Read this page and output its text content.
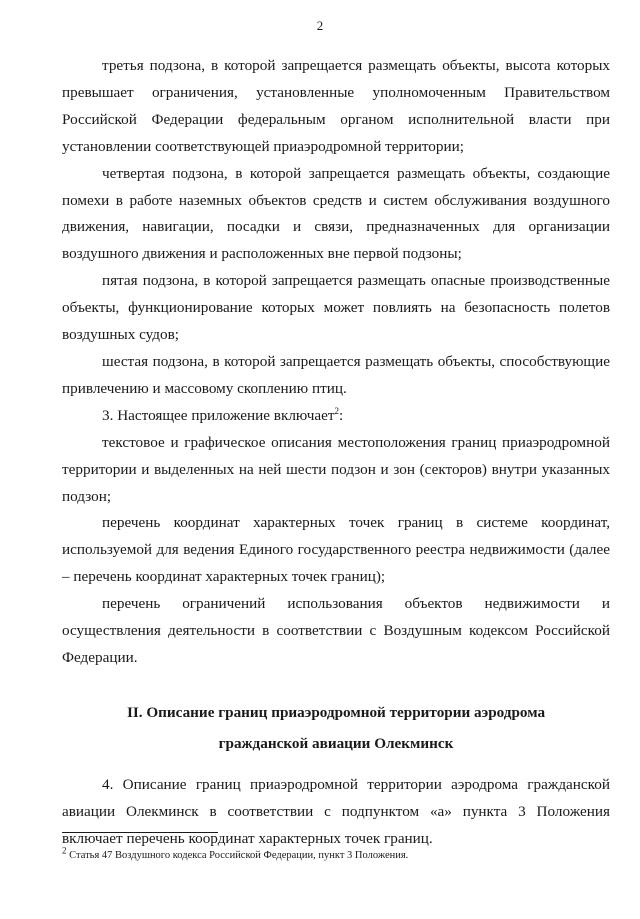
2

третья подзона, в которой запрещается размещать объекты, высота которых превышает ограничения, установленные уполномоченным Правительством Российской Федерации федеральным органом исполнительной власти при установлении соответствующей приаэродромной территории;

четвертая подзона, в которой запрещается размещать объекты, создающие помехи в работе наземных объектов средств и систем обслуживания воздушного движения, навигации, посадки и связи, предназначенных для организации воздушного движения и расположенных вне первой подзоны;

пятая подзона, в которой запрещается размещать опасные производственные объекты, функционирование которых может повлиять на безопасность полетов воздушных судов;

шестая подзона, в которой запрещается размещать объекты, способствующие привлечению и массовому скоплению птиц.

3. Настоящее приложение включает$^2$:

текстовое и графическое описания местоположения границ приаэродромной территории и выделенных на ней шести подзон и зон (секторов) внутри указанных подзон;

перечень координат характерных точек границ в системе координат, используемой для ведения Единого государственного реестра недвижимости (далее – перечень координат характерных точек границ);

перечень ограничений использования объектов недвижимости и осуществления деятельности в соответствии с Воздушным кодексом Российской Федерации.

II. Описание границ приаэродромной территории аэродрома
гражданской авиации Олекминск

4. Описание границ приаэродромной территории аэродрома гражданской авиации Олекминск в соответствии с подпунктом «а» пункта 3 Положения включает перечень координат характерных точек границ.

$^2$ Статья 47 Воздушного кодекса Российской Федерации, пункт 3 Положения.
